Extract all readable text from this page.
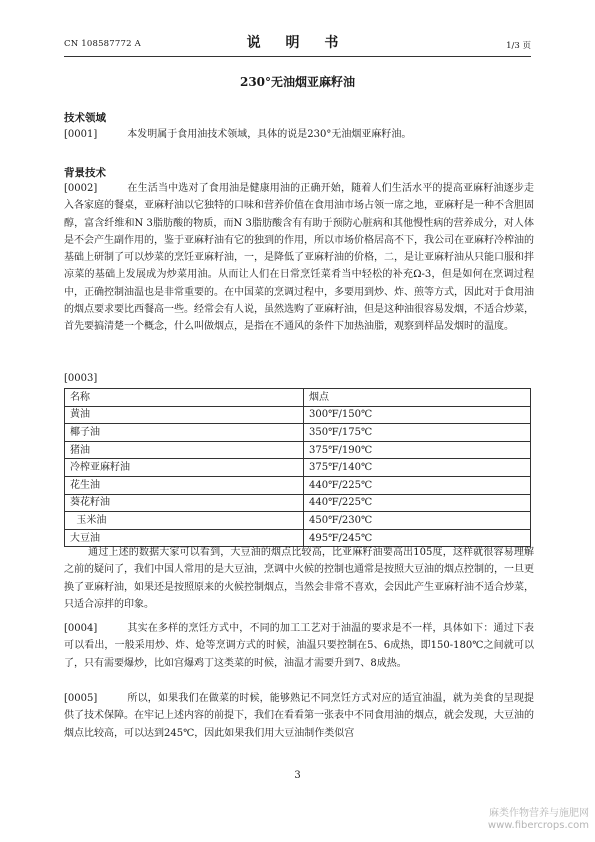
CN 108587772 A	说 明 书	1/3 页
230°无油烟亚麻籽油
技术领域
[0001]	本发明属于食用油技术领域，具体的说是230°无油烟亚麻籽油。
背景技术
[0002]	在生活当中选对了食用油是健康用油的正确开始，随着人们生活水平的提高亚麻籽油逐步走入各家庭的餐桌，亚麻籽油以它独特的口味和营养价值在食用油市场占领一席之地，亚麻籽是一种不含胆固醇，富含纤维和N 3脂肪酸的物质，而N 3脂肪酸含有有助于预防心脏病和其他慢性病的营养成分，对人体是不会产生副作用的，鉴于亚麻籽油有它的独到的作用，所以市场价格居高不下，我公司在亚麻籽冷榨油的基础上研制了可以炒菜的烹饪亚麻籽油，一，是降低了亚麻籽油的价格，二，是让亚麻籽油从只能口服和拌凉菜的基础上发展成为炒菜用油。从而让人们在日常烹饪菜肴当中轻松的补充Ω-3，但是如何在烹调过程中，正确控制油温也是非常重要的。在中国菜的烹调过程中，多要用到炒、炸、煎等方式，因此对于食用油的烟点要求要比西餐高一些。经常会有人说，虽然选购了亚麻籽油，但是这种油很容易发烟，不适合炒菜，首先要搞清楚一个概念，什么叫做烟点，是指在不通风的条件下加热油脂，观察到样品发烟时的温度。
[0003]
名称	烟点
黄油	300℉/150℃
椰子油	350℉/175℃
猪油	375℉/190℃
冷榨亚麻籽油	375℉/140℃
花生油	440℉/225℃
葵花籽油	440℉/225℃
玉米油	450℉/230℃
大豆油	495℉/245℃
通过上述的数据大家可以看到，大豆油的烟点比较高，比亚麻籽油要高出105度，这样就很容易理解之前的疑问了，我们中国人常用的是大豆油，烹调中火候的控制也通常是按照大豆油的烟点控制的，一旦更换了亚麻籽油，如果还是按照原来的火候控制烟点，当然会非常不喜欢，会因此产生亚麻籽油不适合炒菜，只适合凉拌的印象。
[0004]	其实在多样的烹饪方式中，不同的加工工艺对于油温的要求是不一样，具体如下：通过下表可以看出，一般采用炒、炸、炝等烹调方式的时候，油温只要控制在5、6成热，即150-180℃之间就可以了，只有需要爆炒，比如宫爆鸡丁这类菜的时候，油温才需要升到7、8成热。
[0005]	所以，如果我们在做菜的时候，能够熟记不同烹饪方式对应的适宜油温，就为美食的呈现提供了技术保障。在牢记上述内容的前提下，我们在看看第一张表中不同食用油的烟点，就会发现，大豆油的烟点比较高，可以达到245℃，因此如果我们用大豆油制作类似宫
3
麻类作物营养与施肥网
www.fibercrops.com
